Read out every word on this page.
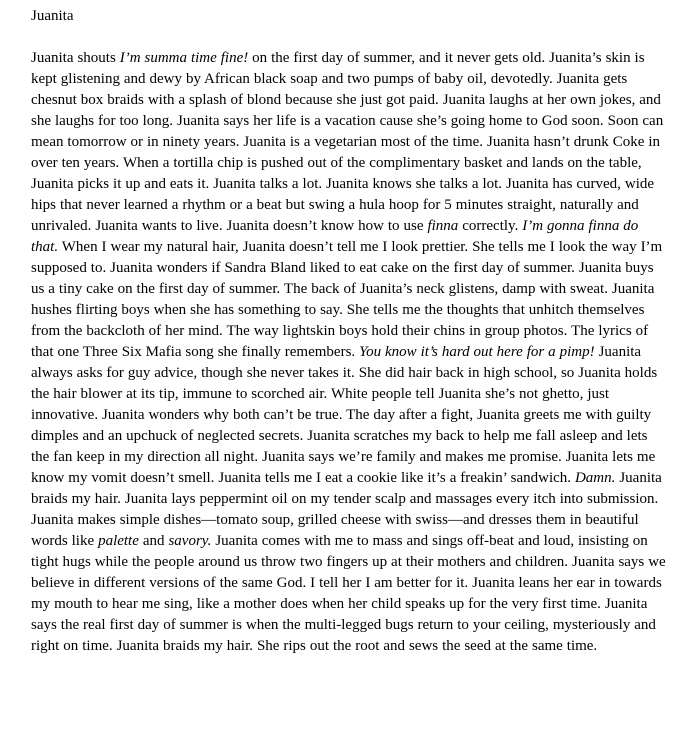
Juanita

Juanita shouts I’m summa time fine! on the first day of summer, and it never gets old. Juanita’s skin is kept glistening and dewy by African black soap and two pumps of baby oil, devotedly. Juanita gets chesnut box braids with a splash of blond because she just got paid. Juanita laughs at her own jokes, and she laughs for too long. Juanita says her life is a vacation cause she’s going home to God soon. Soon can mean tomorrow or in ninety years. Juanita is a vegetarian most of the time. Juanita hasn’t drunk Coke in over ten years. When a tortilla chip is pushed out of the complimentary basket and lands on the table, Juanita picks it up and eats it. Juanita talks a lot. Juanita knows she talks a lot. Juanita has curved, wide hips that never learned a rhythm or a beat but swing a hula hoop for 5 minutes straight, naturally and unrivaled. Juanita wants to live. Juanita doesn’t know how to use finna correctly. I’m gonna finna do that. When I wear my natural hair, Juanita doesn’t tell me I look prettier. She tells me I look the way I’m supposed to. Juanita wonders if Sandra Bland liked to eat cake on the first day of summer. Juanita buys us a tiny cake on the first day of summer. The back of Juanita’s neck glistens, damp with sweat. Juanita hushes flirting boys when she has something to say. She tells me the thoughts that unhitch themselves from the backcloth of her mind. The way lightskin boys hold their chins in group photos. The lyrics of that one Three Six Mafia song she finally remembers. You know it’s hard out here for a pimp! Juanita always asks for guy advice, though she never takes it. She did hair back in high school, so Juanita holds the hair blower at its tip, immune to scorched air. White people tell Juanita she’s not ghetto, just innovative. Juanita wonders why both can’t be true. The day after a fight, Juanita greets me with guilty dimples and an upchuck of neglected secrets. Juanita scratches my back to help me fall asleep and lets the fan keep in my direction all night. Juanita says we’re family and makes me promise. Juanita lets me know my vomit doesn’t smell. Juanita tells me I eat a cookie like it’s a freakin’ sandwich. Damn. Juanita braids my hair. Juanita lays peppermint oil on my tender scalp and massages every itch into submission. Juanita makes simple dishes—tomato soup, grilled cheese with swiss—and dresses them in beautiful words like palette and savory. Juanita comes with me to mass and sings off-beat and loud, insisting on tight hugs while the people around us throw two fingers up at their mothers and children. Juanita says we believe in different versions of the same God. I tell her I am better for it. Juanita leans her ear in towards my mouth to hear me sing, like a mother does when her child speaks up for the very first time. Juanita says the real first day of summer is when the multi-legged bugs return to your ceiling, mysteriously and right on time. Juanita braids my hair. She rips out the root and sews the seed at the same time.
